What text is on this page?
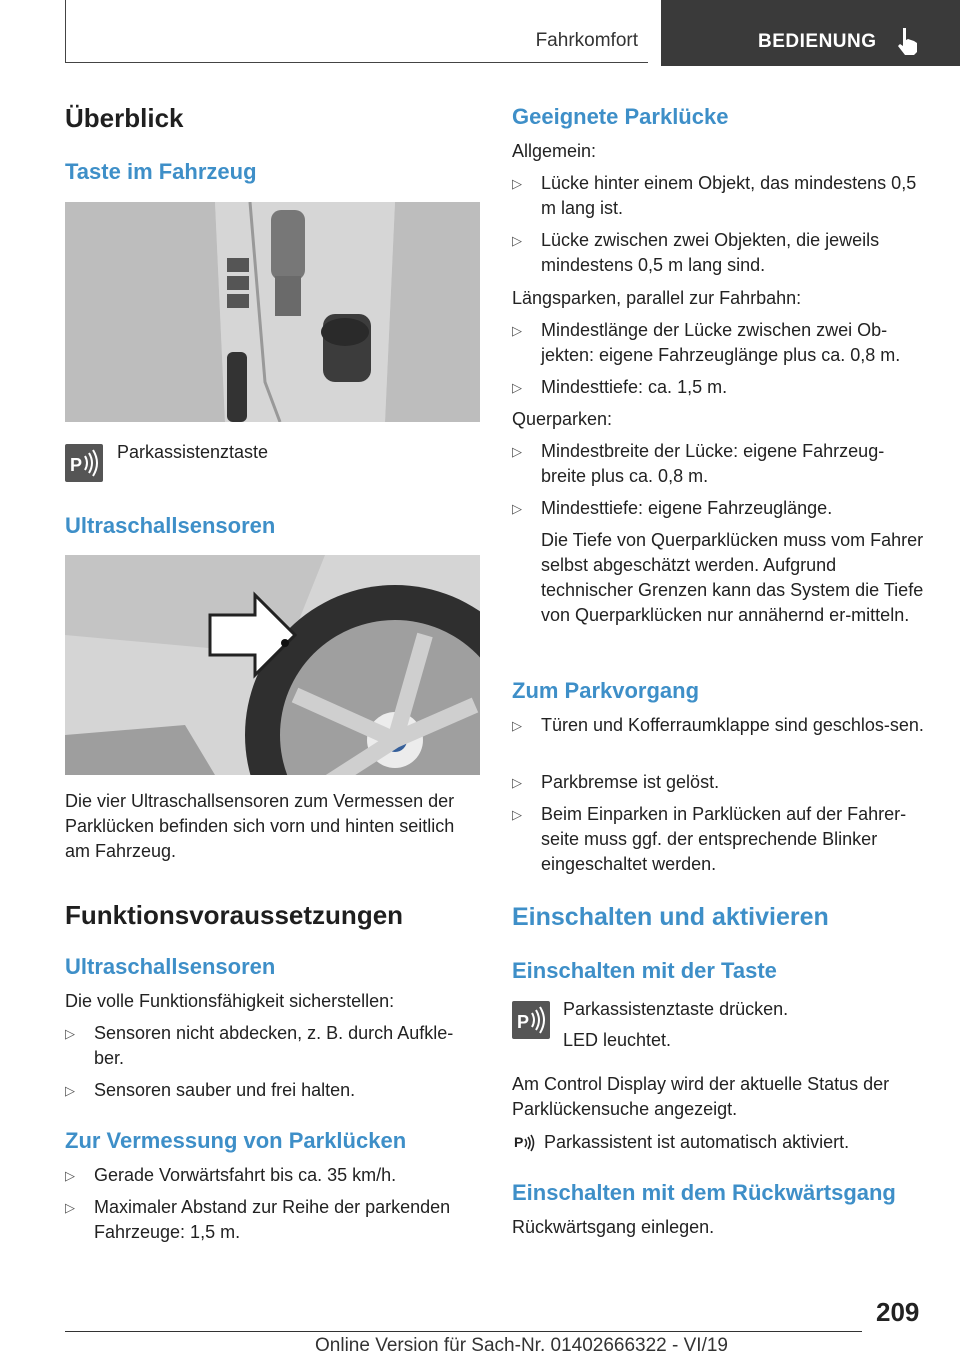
Fahrkomfort	BEDIENUNG
Überblick
Taste im Fahrzeug
P
Parkassistenztaste
Ultraschallsensoren
Die vier Ultraschallsensoren zum Vermessen der Parklücken befinden sich vorn und hinten seitlich am Fahrzeug.
Funktionsvoraussetzungen
Ultraschallsensoren
Die volle Funktionsfähigkeit sicherstellen:
▷ Sensoren nicht abdecken, z. B. durch Aufkle-ber.
▷ Sensoren sauber und frei halten.
Zur Vermessung von Parklücken
▷ Gerade Vorwärtsfahrt bis ca. 35 km/h.
▷ Maximaler Abstand zur Reihe der parkenden Fahrzeuge: 1,5 m.
Geeignete Parklücke
Allgemein:
▷ Lücke hinter einem Objekt, das mindestens 0,5 m lang ist.
▷ Lücke zwischen zwei Objekten, die jeweils mindestens 0,5 m lang sind.
Längsparken, parallel zur Fahrbahn:
▷ Mindestlänge der Lücke zwischen zwei Ob-jekten: eigene Fahrzeuglänge plus ca. 0,8 m.
▷ Mindesttiefe: ca. 1,5 m.
Querparken:
▷ Mindestbreite der Lücke: eigene Fahrzeug-breite plus ca. 0,8 m.
▷ Mindesttiefe: eigene Fahrzeuglänge.
Die Tiefe von Querparklücken muss vom Fahrer selbst abgeschätzt werden. Aufgrund technischer Grenzen kann das System die Tiefe von Querparklücken nur annähernd er-mitteln.
Zum Parkvorgang
▷ Türen und Kofferraumklappe sind geschlos-sen.
▷ Parkbremse ist gelöst.
▷ Beim Einparken in Parklücken auf der Fahrer-seite muss ggf. der entsprechende Blinker eingeschaltet werden.
Einschalten und aktivieren
Einschalten mit der Taste
P
Parkassistenztaste drücken.
LED leuchtet.
Am Control Display wird der aktuelle Status der Parklückensuche angezeigt.
P Parkassistent ist automatisch aktiviert.
Einschalten mit dem Rückwärtsgang
Rückwärtsgang einlegen.
209
Online Version für Sach-Nr. 01402666322 - VI/19
